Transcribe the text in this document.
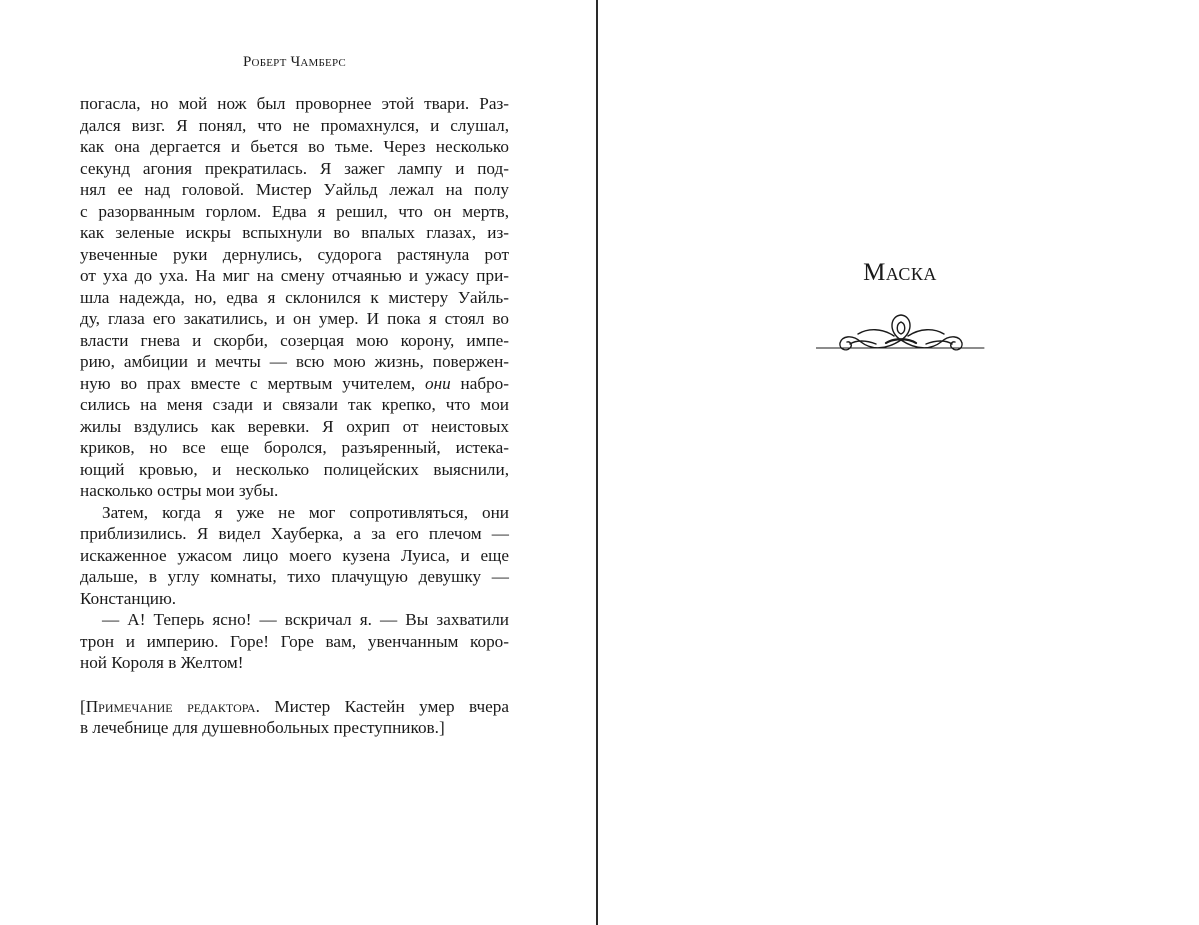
Роберт Чамберс
погасла, но мой нож был проворнее этой твари. Раз-
дался визг. Я понял, что не промахнулся, и слушал,
как она дергается и бьется во тьме. Через несколько
секунд агония прекратилась. Я зажег лампу и под-
нял ее над головой. Мистер Уайльд лежал на полу
с разорванным горлом. Едва я решил, что он мертв,
как зеленые искры вспыхнули во впалых глазах, из-
увеченные руки дернулись, судорога растянула рот
от уха до уха. На миг на смену отчаянью и ужасу при-
шла надежда, но, едва я склонился к мистеру Уайль-
ду, глаза его закатились, и он умер. И пока я стоял во
власти гнева и скорби, созерцая мою корону, импе-
рию, амбиции и мечты — всю мою жизнь, повержен-
ную во прах вместе с мертвым учителем, они набро-
сились на меня сзади и связали так крепко, что мои
жилы вздулись как веревки. Я охрип от неистовых
криков, но все еще боролся, разъяренный, истека-
ющий кровью, и несколько полицейских выяснили,
насколько остры мои зубы.
Затем, когда я уже не мог сопротивляться, они
приблизились. Я видел Хауберка, а за его плечом —
искаженное ужасом лицо моего кузена Луиса, и еще
дальше, в углу комнаты, тихо плачущую девушку —
Констанцию.
— А! Теперь ясно! — вскричал я. — Вы захватили
трон и империю. Горе! Горе вам, увенчанным коро-
ной Короля в Желтом!
[Примечание редактора. Мистер Кастейн умер вчера
в лечебнице для душевнобольных преступников.]
Маска
